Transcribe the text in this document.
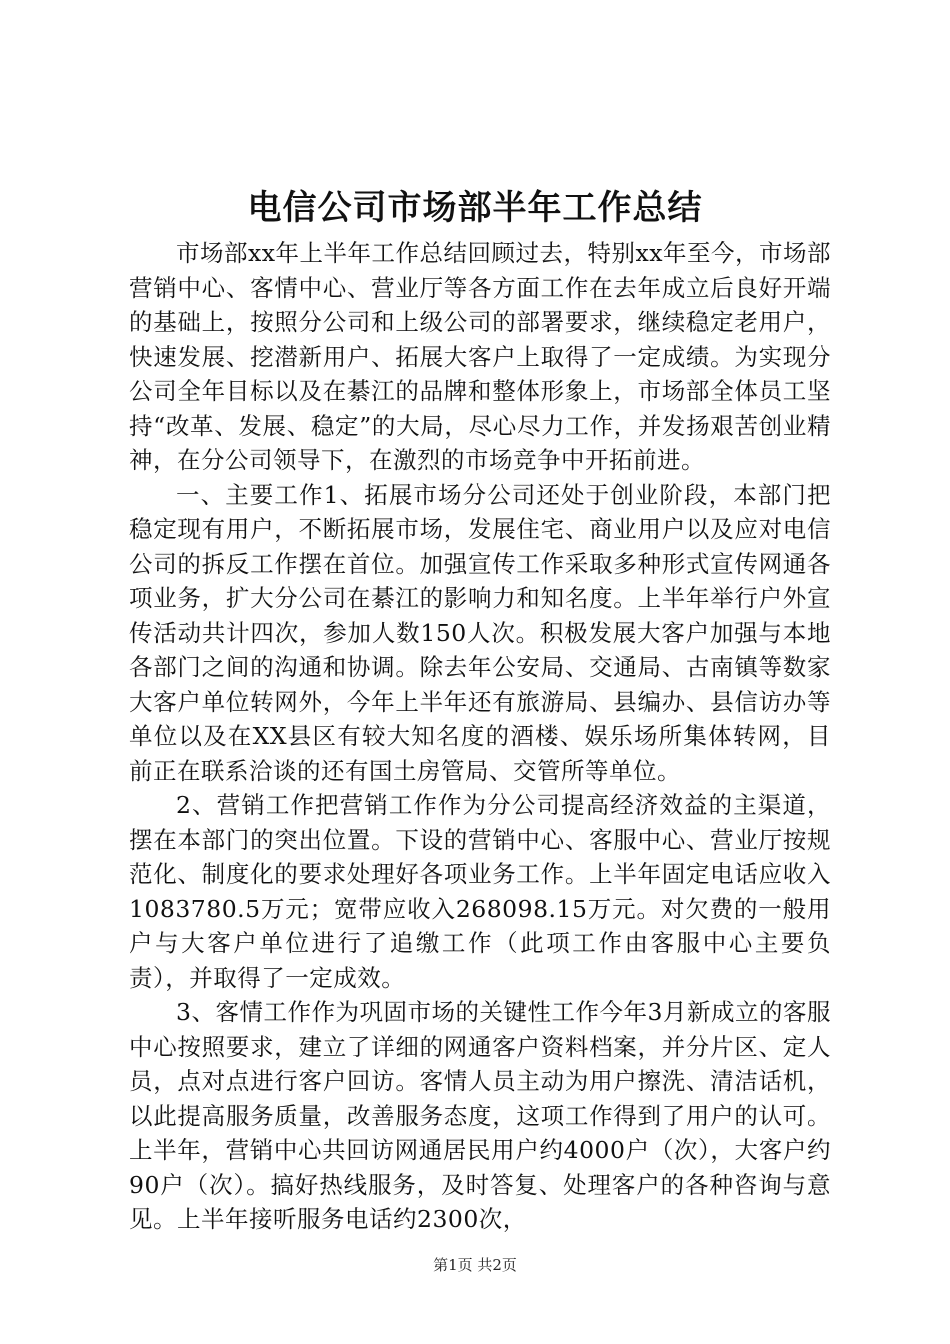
电信公司市场部半年工作总结

市场部xx年上半年工作总结回顾过去，特别xx年至今，市场部营销中心、客情中心、营业厅等各方面工作在去年成立后良好开端的基础上，按照分公司和上级公司的部署要求，继续稳定老用户，快速发展、挖潜新用户、拓展大客户上取得了一定成绩。为实现分公司全年目标以及在綦江的品牌和整体形象上，市场部全体员工坚持“改革、发展、稳定”的大局，尽心尽力工作，并发扬艰苦创业精神，在分公司领导下，在激烈的市场竞争中开拓前进。

一、主要工作1、拓展市场分公司还处于创业阶段，本部门把稳定现有用户，不断拓展市场，发展住宅、商业用户以及应对电信公司的拆反工作摆在首位。加强宣传工作采取多种形式宣传网通各项业务，扩大分公司在綦江的影响力和知名度。上半年举行户外宣传活动共计四次，参加人数150人次。积极发展大客户加强与本地各部门之间的沟通和协调。除去年公安局、交通局、古南镇等数家大客户单位转网外，今年上半年还有旅游局、县编办、县信访办等单位以及在XX县区有较大知名度的酒楼、娱乐场所集体转网，目前正在联系洽谈的还有国土房管局、交管所等单位。

2、营销工作把营销工作作为分公司提高经济效益的主渠道，摆在本部门的突出位置。下设的营销中心、客服中心、营业厅按规范化、制度化的要求处理好各项业务工作。上半年固定电话应收入1083780.5万元；宽带应收入268098.15万元。对欠费的一般用户与大客户单位进行了追缴工作（此项工作由客服中心主要负责），并取得了一定成效。

3、客情工作作为巩固市场的关键性工作今年3月新成立的客服中心按照要求，建立了详细的网通客户资料档案，并分片区、定人员，点对点进行客户回访。客情人员主动为用户擦洗、清洁话机，以此提高服务质量，改善服务态度，这项工作得到了用户的认可。上半年，营销中心共回访网通居民用户约4000户（次），大客户约90户（次）。搞好热线服务，及时答复、处理客户的各种咨询与意见。上半年接听服务电话约2300次，

第1页 共2页
